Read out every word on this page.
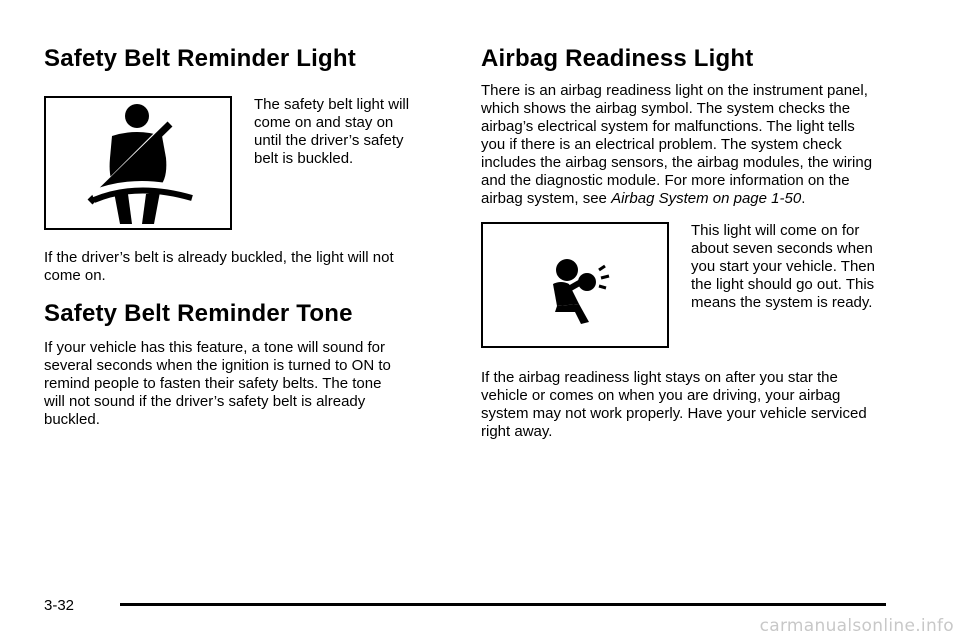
Safety Belt Reminder Light
The safety belt light will come on and stay on until the driver’s safety belt is buckled.

If the driver’s belt is already buckled, the light will not come on.

Safety Belt Reminder Tone

If your vehicle has this feature, a tone will sound for several seconds when the ignition is turned to ON to remind people to fasten their safety belts. The tone will not sound if the driver’s safety belt is already buckled.

Airbag Readiness Light

There is an airbag readiness light on the instrument panel, which shows the airbag symbol. The system checks the airbag’s electrical system for malfunctions. The light tells you if there is an electrical problem. The system check includes the airbag sensors, the airbag modules, the wiring and the diagnostic module. For more information on the airbag system, see Airbag System on page 1-50.

This light will come on for about seven seconds when you start your vehicle. Then the light should go out. This means the system is ready.

If the airbag readiness light stays on after you star the vehicle or comes on when you are driving, your airbag system may not work properly. Have your vehicle serviced right away.

3-32
carmanualsonline.info
